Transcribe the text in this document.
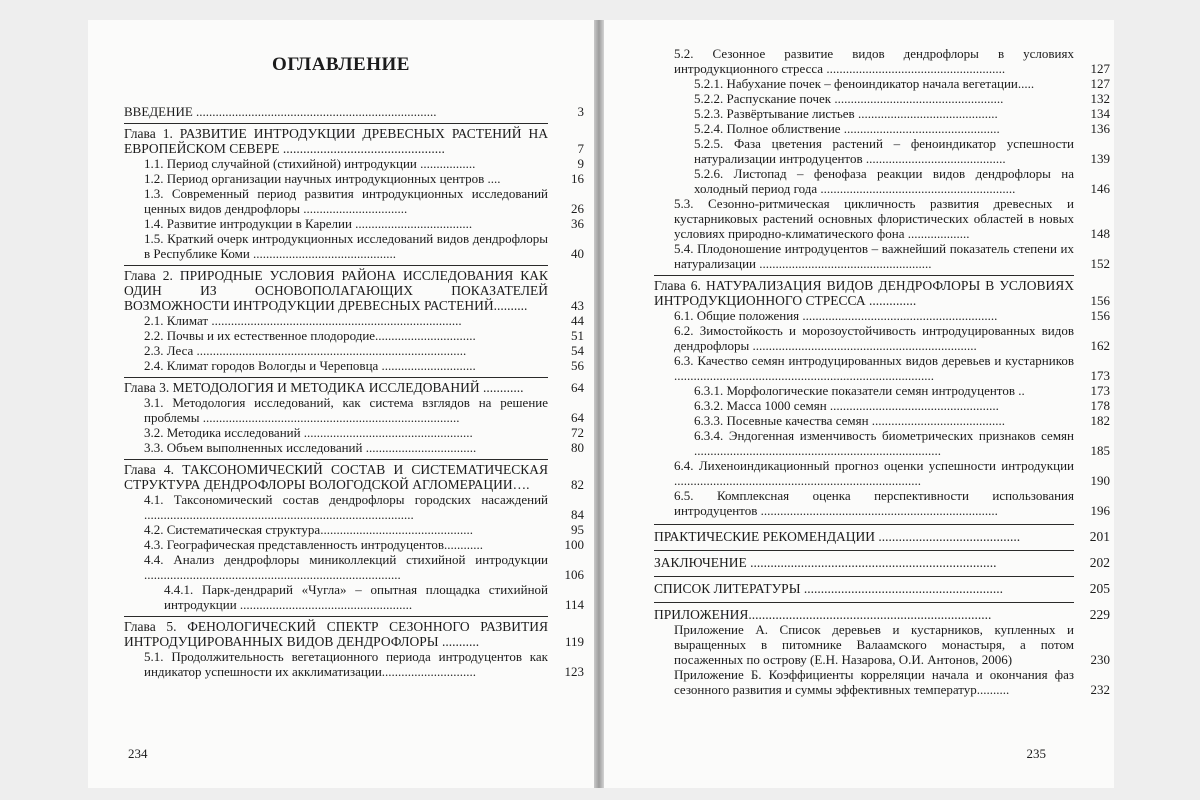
ОГЛАВЛЕНИЕ
ВВЕДЕНИЕ ..........................................................................	3
Глава 1. РАЗВИТИЕ ИНТРОДУКЦИИ ДРЕВЕСНЫХ РАСТЕНИЙ НА ЕВРОПЕЙСКОМ СЕВЕРЕ ................................................	7
1.1. Период случайной (стихийной) интродукции .................	9
1.2. Период организации научных интродукционных центров ....	16
1.3. Современный период развития интродукционных исследований ценных видов дендрофлоры ................................	26
1.4. Развитие интродукции в Карелии ....................................	36
1.5. Краткий очерк интродукционных исследований видов дендрофлоры в Республике Коми ............................................	40
Глава 2. ПРИРОДНЫЕ УСЛОВИЯ РАЙОНА ИССЛЕДОВАНИЯ КАК ОДИН ИЗ ОСНОВОПОЛАГАЮЩИХ ПОКАЗАТЕЛЕЙ ВОЗМОЖНОСТИ ИНТРОДУКЦИИ ДРЕВЕСНЫХ РАСТЕНИЙ..........	43
2.1. Климат .............................................................................	44
2.2. Почвы и их естественное плодородие...............................	51
2.3. Леса ...................................................................................	54
2.4. Климат городов Вологды и Череповца .............................	56
Глава 3. МЕТОДОЛОГИЯ И МЕТОДИКА ИССЛЕДОВАНИЙ ............	64
3.1. Методология исследований, как система взглядов на решение проблемы ...............................................................................	64
3.2. Методика исследований ....................................................	72
3.3. Объем выполненных исследований ..................................	80
Глава 4. ТАКСОНОМИЧЕСКИЙ СОСТАВ И СИСТЕМАТИЧЕСКАЯ СТРУКТУРА ДЕНДРОФЛОРЫ ВОЛОГОДСКОЙ АГЛОМЕРАЦИИ….	82
4.1. Таксономический состав дендрофлоры городских насаждений ...................................................................................	84
4.2. Систематическая структура...............................................	95
4.3. Географическая представленность интродуцентов............	100
4.4. Анализ дендрофлоры миниколлекций стихийной интродукции ...............................................................................	106
4.4.1. Парк-дендрарий «Чугла» – опытная площадка стихийной интродукции .....................................................	114
Глава 5. ФЕНОЛОГИЧЕСКИЙ СПЕКТР СЕЗОННОГО РАЗВИТИЯ ИНТРОДУЦИРОВАННЫХ ВИДОВ ДЕНДРОФЛОРЫ ...........	119
5.1. Продолжительность вегетационного периода интродуцентов как индикатор успешности их акклиматизации.............................	123
234
5.2. Сезонное развитие видов дендрофлоры в условиях интродукционного стресса .......................................................	127
5.2.1. Набухание почек – феноиндикатор начала вегетации.....	127
5.2.2. Распускание почек ....................................................	132
5.2.3. Развёртывание листьев ...........................................	134
5.2.4. Полное облиствение ................................................	136
5.2.5. Фаза цветения растений – феноиндикатор успешности натурализации интродуцентов ...........................................	139
5.2.6. Листопад – фенофаза реакции видов дендрофлоры на холодный период года ............................................................	146
5.3. Сезонно-ритмическая цикличность развития древесных и кустарниковых растений основных флористических областей в новых условиях природно-климатического фона ...................	148
5.4. Плодоношение интродуцентов – важнейший показатель степени их натурализации .....................................................	152
Глава 6. НАТУРАЛИЗАЦИЯ ВИДОВ ДЕНДРОФЛОРЫ В УСЛОВИЯХ ИНТРОДУКЦИОННОГО СТРЕССА ..............	156
6.1. Общие положения ............................................................	156
6.2. Зимостойкость и морозоустойчивость интродуцированных видов дендрофлоры .....................................................................	162
6.3. Качество семян интродуцированных видов деревьев и кустарников ................................................................................	173
6.3.1. Морфологические показатели семян интродуцентов ..	173
6.3.2. Масса 1000 семян ....................................................	178
6.3.3. Посевные качества семян .........................................	182
6.3.4. Эндогенная изменчивость биометрических признаков семян ............................................................................	185
6.4. Лихеноиндикационный прогноз оценки успешности интродукции ............................................................................	190
6.5. Комплексная оценка перспективности использования интродуцентов .........................................................................	196
ПРАКТИЧЕСКИЕ РЕКОМЕНДАЦИИ ..........................................	201
ЗАКЛЮЧЕНИЕ .........................................................................	202
СПИСОК ЛИТЕРАТУРЫ ...........................................................	205
ПРИЛОЖЕНИЯ........................................................................	229
Приложение А. Список деревьев и кустарников, купленных и выращенных в питомнике Валаамского монастыря, а потом посаженных по острову (Е.Н. Назарова, О.И. Антонов, 2006)	230
Приложение Б. Коэффициенты корреляции начала и окончания фаз сезонного развития и суммы эффективных температур..........	232
235
